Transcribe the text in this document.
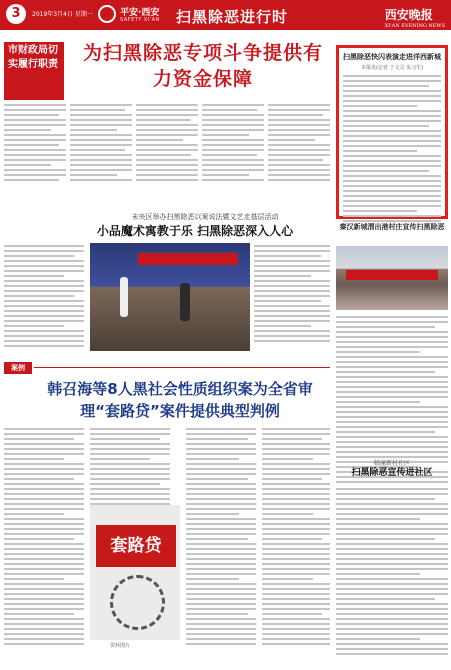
3	2019年3月4日 星期一	平安·西安
SAFETY XI'AN 扫黑除恶进行时	西安晚报
XI'AN EVENING NEWS
市财政局切实履行职责
为扫黑除恶专项斗争提供有力资金保障
扫黑除恶快闪表演走进洋西新城
本报讯(记者 于文灵 实习生)
秦汉新城渭出港村庄宣传扫黑除恶
未央区举办扫黑除恶以案说法暨文艺走基层活动
小品魔术寓教于乐 扫黑除恶深入人心
案例
韩召海等8人黑社会性质组织案为全省审理“套路贷”案件提供典型判例
套路贷
资料图片
临潼新村社区
扫黑除恶宣传进社区
